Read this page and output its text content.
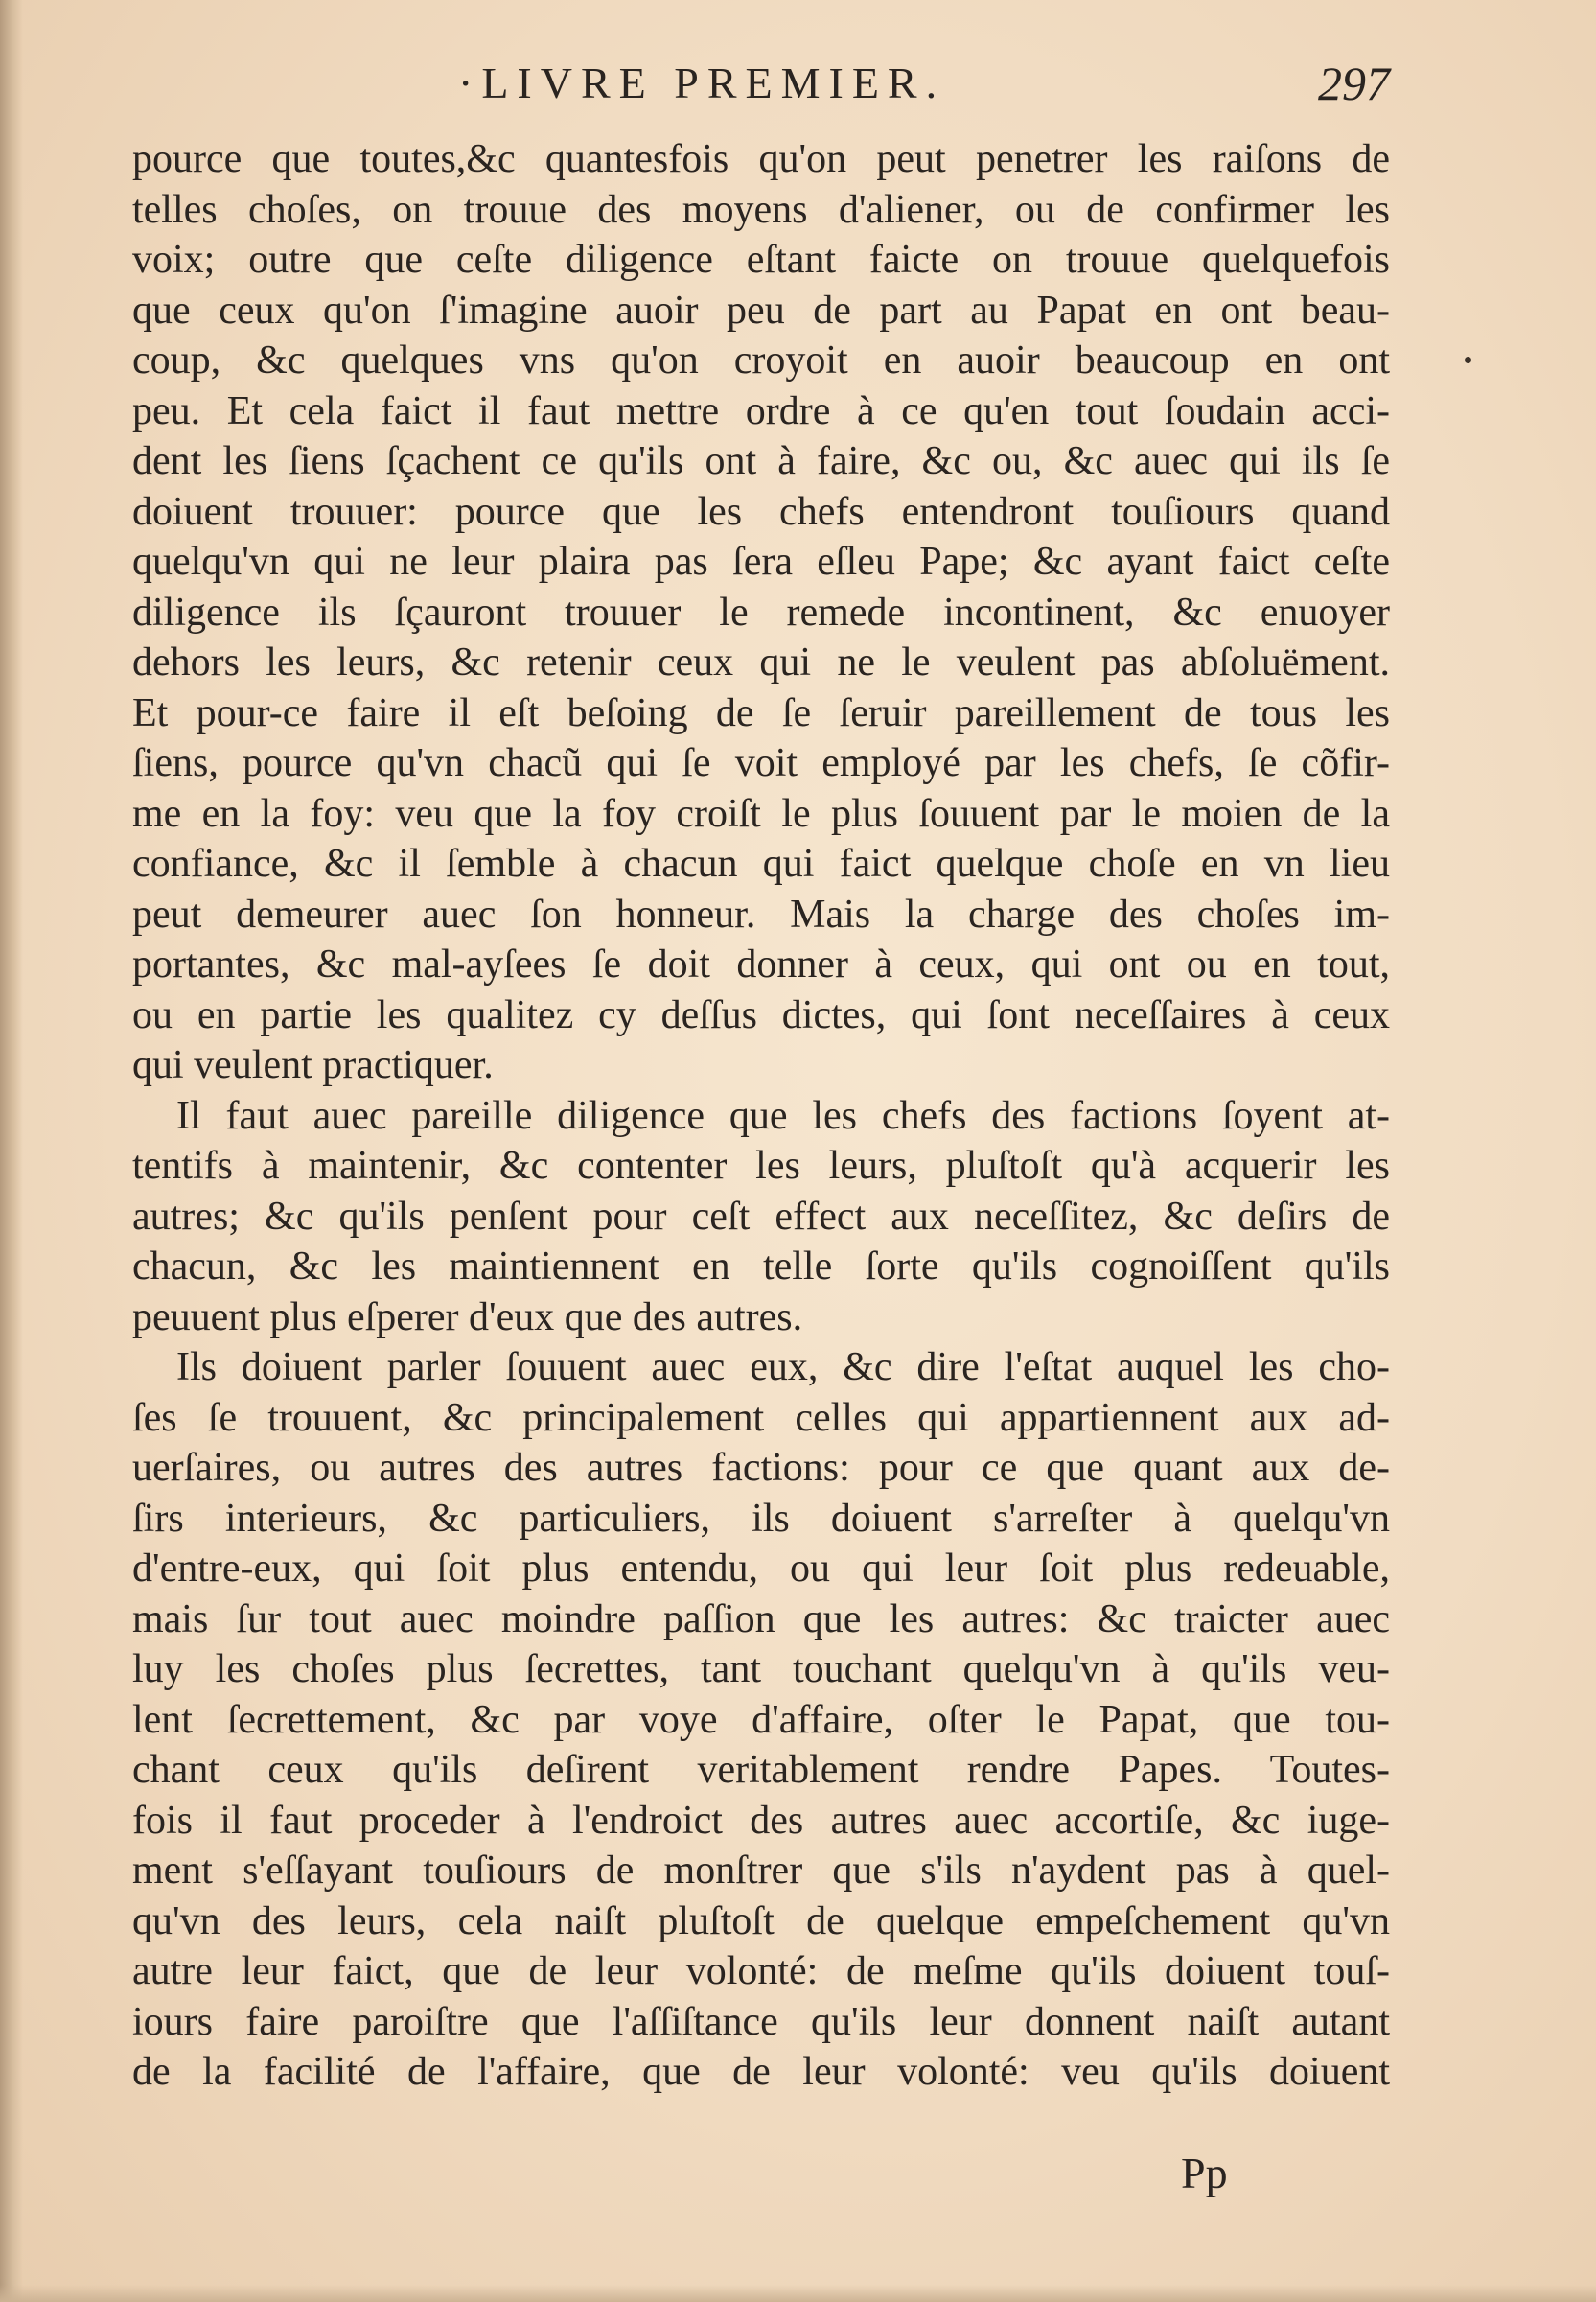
·LIVRE PREMIER.	297
pource que toutes,&c quantesfois qu'on peut penetrer les raiſons de
telles choſes, on trouue des moyens d'aliener, ou de confirmer les
voix; outre que ceſte diligence eſtant faicte on trouue quelquefois
que ceux qu'on ſ'imagine auoir peu de part au Papat en ont beau-
coup, &c quelques vns qu'on croyoit en auoir beaucoup en ont
peu. Et cela faict il faut mettre ordre à ce qu'en tout ſoudain acci-
dent les ſiens ſçachent ce qu'ils ont à faire, &c ou, &c auec qui ils ſe
doiuent trouuer: pource que les chefs entendront touſiours quand
quelqu'vn qui ne leur plaira pas ſera eſleu Pape; &c ayant faict ceſte
diligence ils ſçauront trouuer le remede incontinent, &c enuoyer
dehors les leurs, &c retenir ceux qui ne le veulent pas abſoluëment.
Et pour-ce faire il eſt beſoing de ſe ſeruir pareillement de tous les
ſiens, pource qu'vn chacũ qui ſe voit employé par les chefs, ſe cõfir-
me en la foy: veu que la foy croiſt le plus ſouuent par le moien de la
confiance, &c il ſemble à chacun qui faict quelque choſe en vn lieu
peut demeurer auec ſon honneur. Mais la charge des choſes im-
portantes, &c mal-ayſees ſe doit donner à ceux, qui ont ou en tout,
ou en partie les qualitez cy deſſus dictes, qui ſont neceſſaires à ceux
qui veulent practiquer.
Il faut auec pareille diligence que les chefs des factions ſoyent at-
tentifs à maintenir, &c contenter les leurs, pluſtoſt qu'à acquerir les
autres; &c qu'ils penſent pour ceſt effect aux neceſſitez, &c deſirs de
chacun, &c les maintiennent en telle ſorte qu'ils cognoiſſent qu'ils
peuuent plus eſperer d'eux que des autres.
Ils doiuent parler ſouuent auec eux, &c dire l'eſtat auquel les cho-
ſes ſe trouuent, &c principalement celles qui appartiennent aux ad-
uerſaires, ou autres des autres factions: pour ce que quant aux de-
ſirs interieurs, &c particuliers, ils doiuent s'arreſter à quelqu'vn
d'entre-eux, qui ſoit plus entendu, ou qui leur ſoit plus redeuable,
mais ſur tout auec moindre paſſion que les autres: &c traicter auec
luy les choſes plus ſecrettes, tant touchant quelqu'vn à qu'ils veu-
lent ſecrettement, &c par voye d'affaire, oſter le Papat, que tou-
chant ceux qu'ils deſirent veritablement rendre Papes. Toutes-
fois il faut proceder à l'endroict des autres auec accortiſe, &c iuge-
ment s'eſſayant touſiours de monſtrer que s'ils n'aydent pas à quel-
qu'vn des leurs, cela naiſt pluſtoſt de quelque empeſchement qu'vn
autre leur faict, que de leur volonté: de meſme qu'ils doiuent touſ-
iours faire paroiſtre que l'aſſiſtance qu'ils leur donnent naiſt autant
de la facilité de l'affaire, que de leur volonté: veu qu'ils doiuent
Pp
